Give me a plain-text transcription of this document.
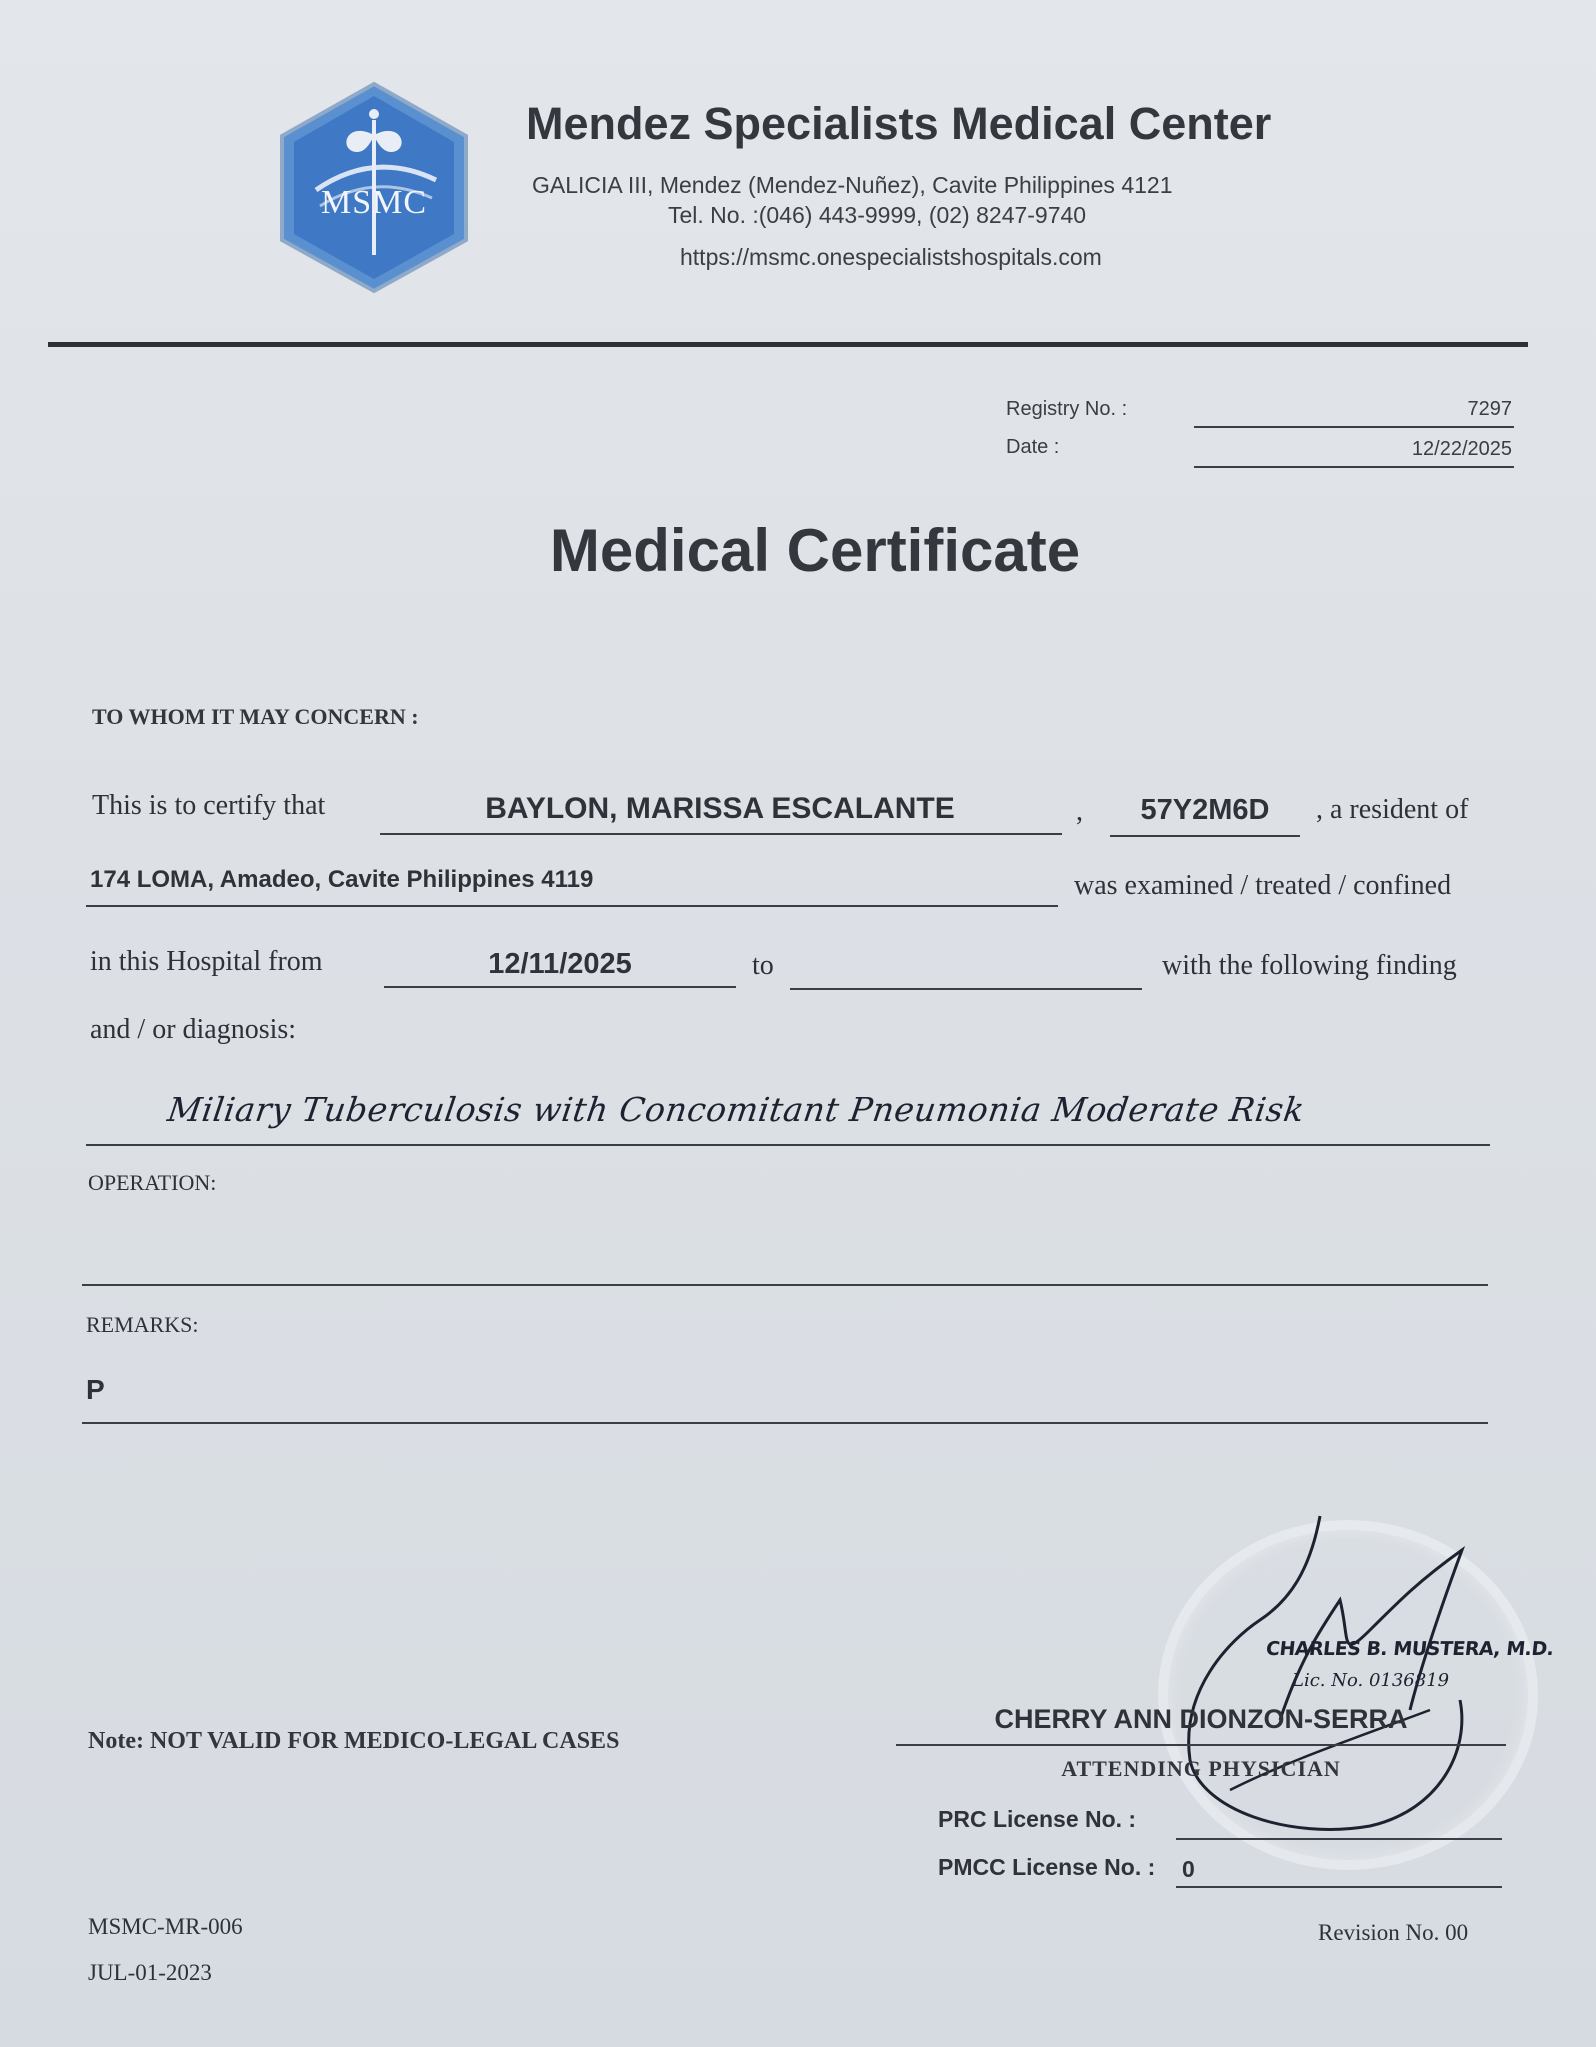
MSMC
Mendez Specialists Medical Center
GALICIA III, Mendez (Mendez-Nuñez), Cavite Philippines 4121
Tel. No. :(046) 443-9999, (02) 8247-9740
https://msmc.onespecialistshospitals.com
Registry No. :	7297
Date :	12/22/2025
Medical Certificate
TO WHOM IT MAY CONCERN :
This is to certify that	BAYLON, MARISSA ESCALANTE	,	57Y2M6D	, a resident of
174 LOMA, Amadeo, Cavite Philippines 4119	was examined / treated / confined
in this Hospital from	12/11/2025	to	with the following finding
and / or diagnosis:
Miliary Tuberculosis with Concomitant Pneumonia Moderate Risk
OPERATION:
REMARKS:
P
CHARLES B. MUSTERA, M.D.
Lic. No. 0136819
CHERRY ANN DIONZON-SERRA
ATTENDING PHYSICIAN
PRC License No. :
PMCC License No. : 0
Note: NOT VALID FOR MEDICO-LEGAL CASES
MSMC-MR-006
JUL-01-2023
Revision No. 00
